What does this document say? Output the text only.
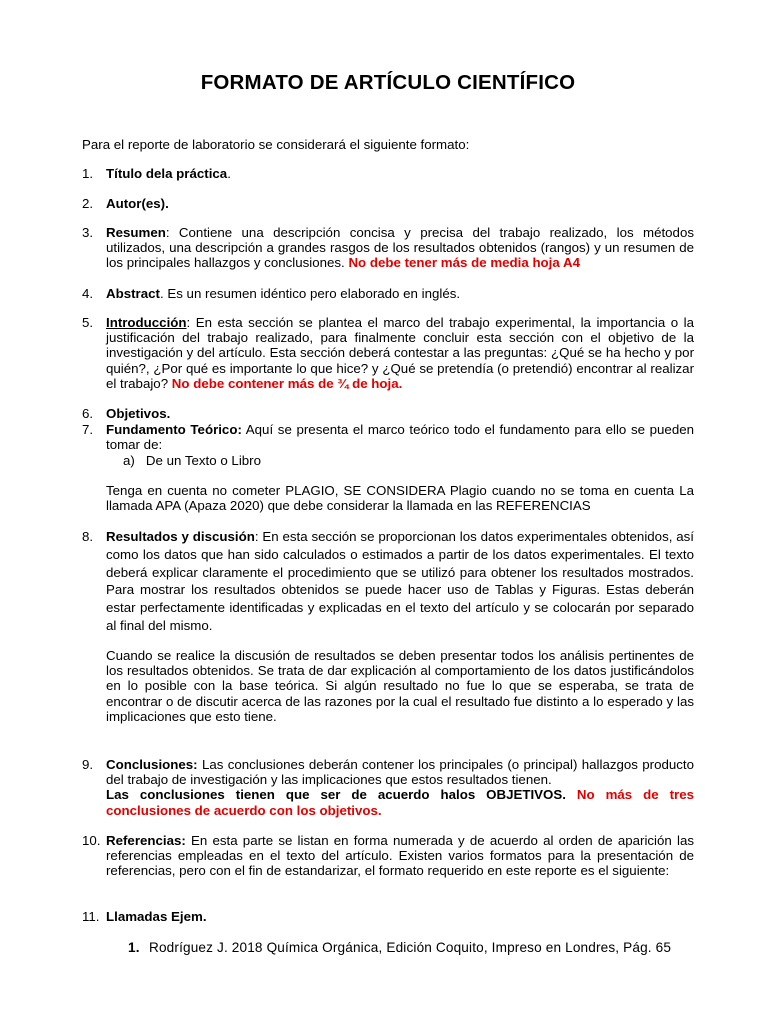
FORMATO DE ARTÍCULO CIENTÍFICO
Para el reporte de laboratorio se considerará el siguiente formato:
1. Título dela práctica.
2. Autor(es).
3. Resumen: Contiene una descripción concisa y precisa del trabajo realizado, los métodos utilizados, una descripción a grandes rasgos de los resultados obtenidos (rangos) y un resumen de los principales hallazgos y conclusiones. No debe tener más de media hoja A4
4. Abstract. Es un resumen idéntico pero elaborado en inglés.
5. Introducción: En esta sección se plantea el marco del trabajo experimental, la importancia o la justificación del trabajo realizado, para finalmente concluir esta sección con el objetivo de la investigación y del artículo. Esta sección deberá contestar a las preguntas: ¿Qué se ha hecho y por quién?, ¿Por qué es importante lo que hice? y ¿Qué se pretendía (o pretendió) encontrar al realizar el trabajo? No debe contener más de ¾ de hoja.
6. Objetivos.
7. Fundamento Teórico: Aquí se presenta el marco teórico todo el fundamento para ello se pueden tomar de:
a) De un Texto o Libro
Tenga en cuenta no cometer PLAGIO, SE CONSIDERA Plagio cuando no se toma en cuenta La llamada APA (Apaza 2020) que debe considerar la llamada en las REFERENCIAS
8. Resultados y discusión: En esta sección se proporcionan los datos experimentales obtenidos, así como los datos que han sido calculados o estimados a partir de los datos experimentales. El texto deberá explicar claramente el procedimiento que se utilizó para obtener los resultados mostrados. Para mostrar los resultados obtenidos se puede hacer uso de Tablas y Figuras. Estas deberán estar perfectamente identificadas y explicadas en el texto del artículo y se colocarán por separado al final del mismo.
Cuando se realice la discusión de resultados se deben presentar todos los análisis pertinentes de los resultados obtenidos. Se trata de dar explicación al comportamiento de los datos justificándolos en lo posible con la base teórica. Si algún resultado no fue lo que se esperaba, se trata de encontrar o de discutir acerca de las razones por la cual el resultado fue distinto a lo esperado y las implicaciones que esto tiene.
9. Conclusiones: Las conclusiones deberán contener los principales (o principal) hallazgos producto del trabajo de investigación y las implicaciones que estos resultados tienen.
Las conclusiones tienen que ser de acuerdo halos OBJETIVOS. No más de tres conclusiones de acuerdo con los objetivos.
10. Referencias: En esta parte se listan en forma numerada y de acuerdo al orden de aparición las referencias empleadas en el texto del artículo. Existen varios formatos para la presentación de referencias, pero con el fin de estandarizar, el formato requerido en este reporte es el siguiente:
11. Llamadas Ejem.
1. Rodríguez J. 2018 Química Orgánica, Edición Coquito, Impreso en Londres, Pág. 65
